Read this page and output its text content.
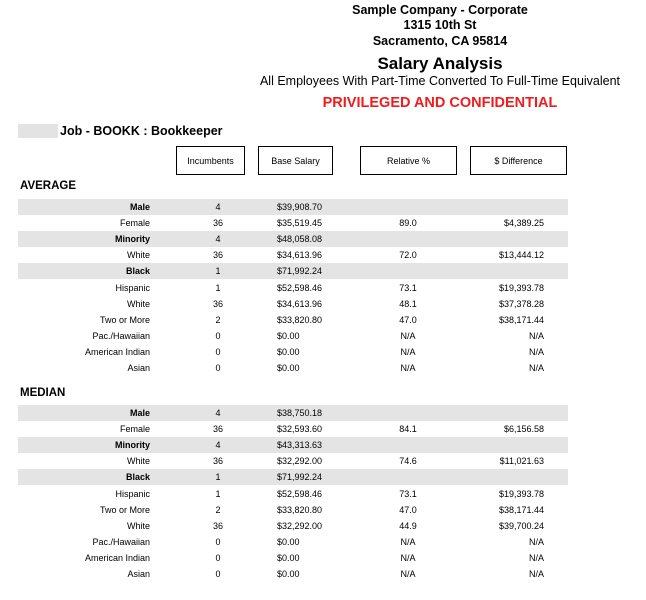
Sample Company - Corporate
1315 10th St
Sacramento, CA 95814
Salary Analysis
All Employees With Part-Time Converted To Full-Time Equivalent
PRIVILEGED AND CONFIDENTIAL
Job - BOOKK : Bookkeeper
Incumbents	Base Salary	Relative %	$ Difference
AVERAGE
MEDIAN
Male	4	$39,908.70
Female	36	$35,519.45	89.0	$4,389.25
Minority	4	$48,058.08
White	36	$34,613.96	72.0	$13,444.12
Black	1	$71,992.24
Hispanic	1	$52,598.46	73.1	$19,393.78
White	36	$34,613.96	48.1	$37,378.28
Two or More	2	$33,820.80	47.0	$38,171.44
Pac./Hawaiian	0	$0.00	N/A	N/A
American Indian	0	$0.00	N/A	N/A
Asian	0	$0.00	N/A	N/A
Male	4	$38,750.18
Female	36	$32,593.60	84.1	$6,156.58
Minority	4	$43,313.63
White	36	$32,292.00	74.6	$11,021.63
Black	1	$71,992.24
Hispanic	1	$52,598.46	73.1	$19,393.78
Two or More	2	$33,820.80	47.0	$38,171.44
White	36	$32,292.00	44.9	$39,700.24
Pac./Hawaiian	0	$0.00	N/A	N/A
American Indian	0	$0.00	N/A	N/A
Asian	0	$0.00	N/A	N/A
